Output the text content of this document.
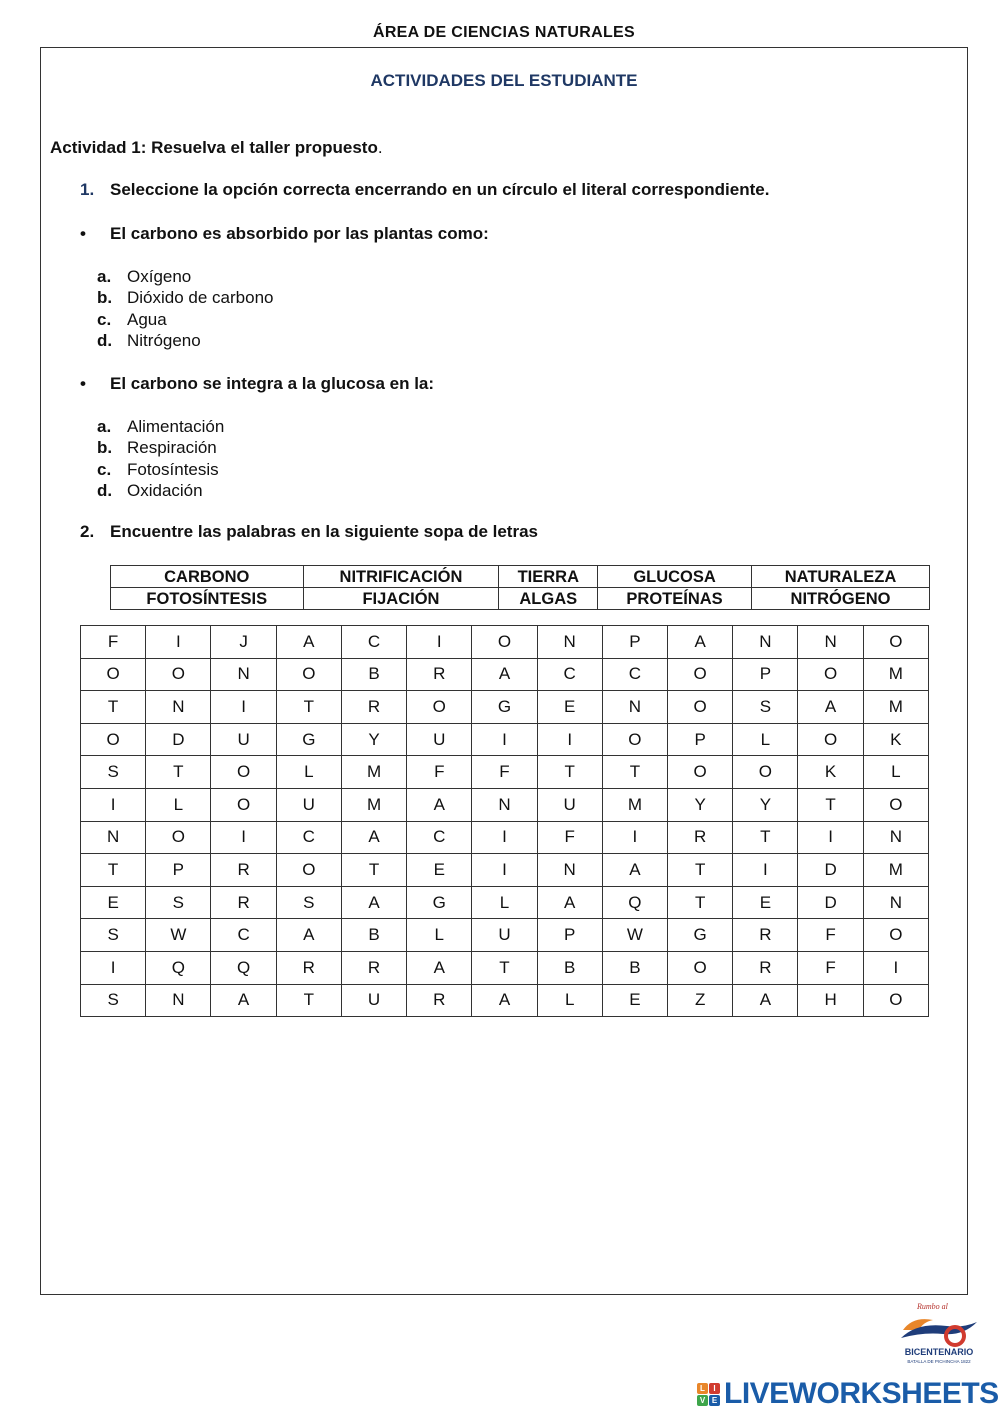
ÁREA DE CIENCIAS NATURALES
ACTIVIDADES DEL ESTUDIANTE
Actividad 1: Resuelva el taller propuesto.
1. Seleccione la opción correcta encerrando en un círculo el literal correspondiente.
• El carbono es absorbido por las plantas como:
a. Oxígeno
b. Dióxido de carbono
c. Agua
d. Nitrógeno
• El carbono se integra a la glucosa en la:
a. Alimentación
b. Respiración
c. Fotosíntesis
d. Oxidación
2. Encuentre las palabras en la siguiente sopa de letras
CARBONO	NITRIFICACIÓN	TIERRA	GLUCOSA	NATURALEZA
FOTOSÍNTESIS	FIJACIÓN	ALGAS	PROTEÍNAS	NITRÓGENO
F	I	J	A	C	I	O	N	P	A	N	N	O
O	O	N	O	B	R	A	C	C	O	P	O	M
T	N	I	T	R	O	G	E	N	O	S	A	M
O	D	U	G	Y	U	I	I	O	P	L	O	K
S	T	O	L	M	F	F	T	T	O	O	K	L
I	L	O	U	M	A	N	U	M	Y	Y	T	O
N	O	I	C	A	C	I	F	I	R	T	I	N
T	P	R	O	T	E	I	N	A	T	I	D	M
E	S	R	S	A	G	L	A	Q	T	E	D	N
S	W	C	A	B	L	U	P	W	G	R	F	O
I	Q	Q	R	R	A	T	B	B	O	R	F	I
S	N	A	T	U	R	A	L	E	Z	A	H	O
Rumbo al
BICENTENARIO
BATALLA DE PICHINCHA 1822
L	I
V E LIVEWORKSHEETS
